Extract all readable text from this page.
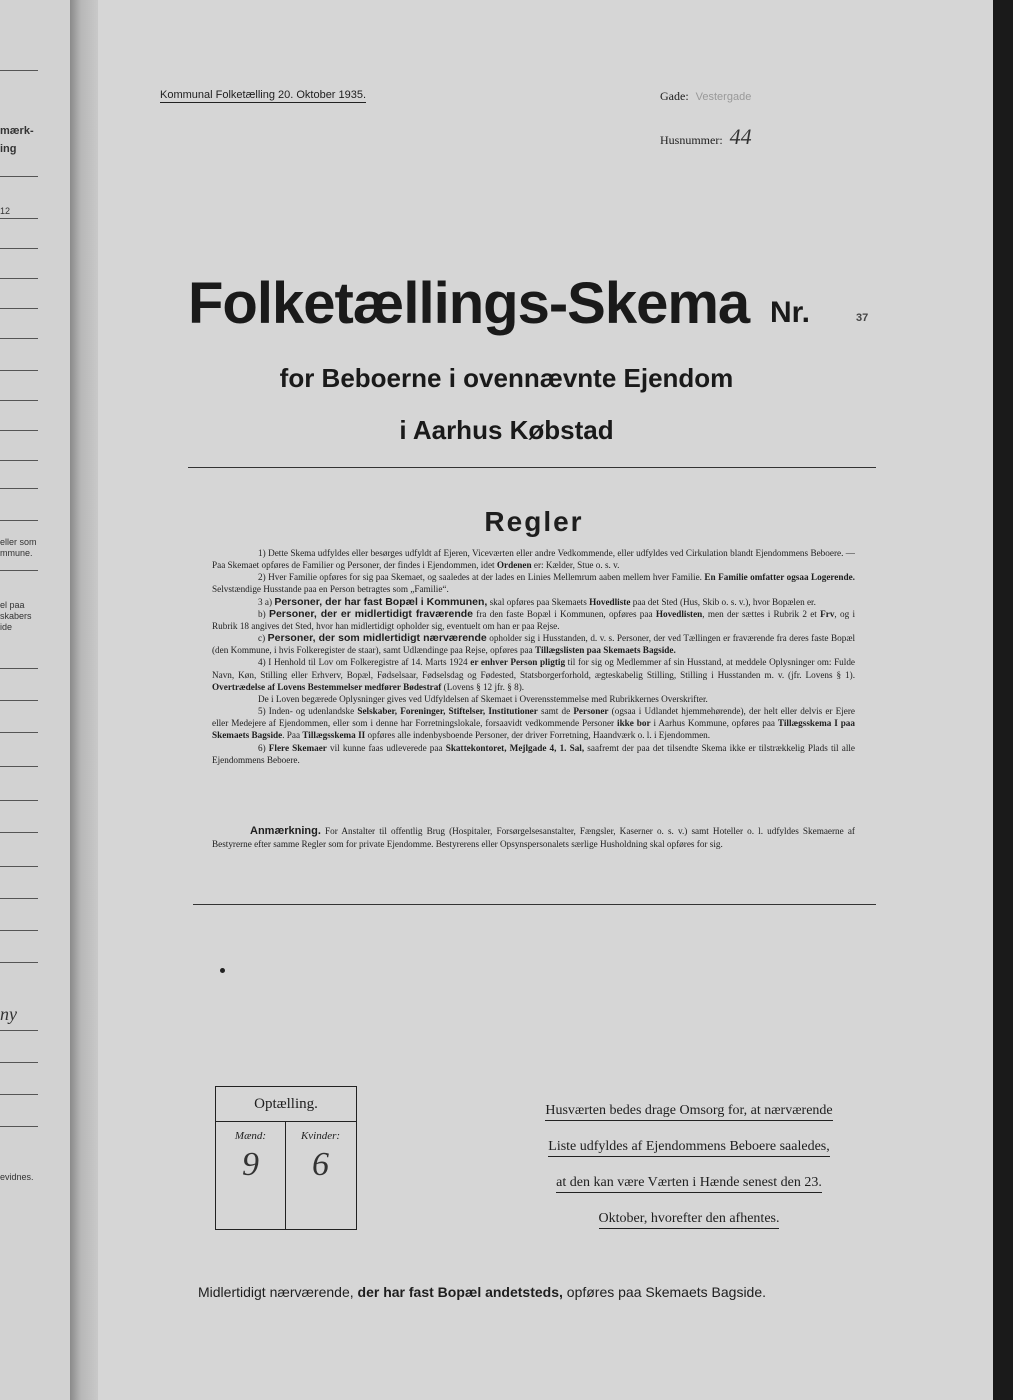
mærk-
ing
12
eller som
mmune.
el paa
skabers
ide
ny
evidnes.
Kommunal Folketælling 20. Oktober 1935.	Gade: Vestergade
Husnummer: 44
Folketællings-Skema Nr.	37
for Beboerne i ovennævnte Ejendom
i Aarhus Købstad
Regler

1) Dette Skema udfyldes eller besørges udfyldt af Ejeren, Viceværten eller andre Vedkommende, eller udfyldes ved Cirkulation blandt Ejendommens Beboere. — Paa Skemaet opføres de Familier og Personer, der findes i Ejendommen, idet Ordenen er: Kælder, Stue o. s. v.

2) Hver Familie opføres for sig paa Skemaet, og saaledes at der lades en Linies Mellemrum aaben mellem hver Familie. En Familie omfatter ogsaa Logerende. Selvstændige Husstande paa en Person betragtes som „Familie“.

3 a) Personer, der har fast Bopæl i Kommunen, skal opføres paa Skemaets Hovedliste paa det Sted (Hus, Skib o. s. v.), hvor Bopælen er.

b) Personer, der er midlertidigt fraværende fra den faste Bopæl i Kommunen, opføres paa Hovedlisten, men der sættes i Rubrik 2 et Frv, og i Rubrik 18 angives det Sted, hvor han midlertidigt opholder sig, eventuelt om han er paa Rejse.

c) Personer, der som midlertidigt nærværende opholder sig i Husstanden, d. v. s. Personer, der ved Tællingen er fraværende fra deres faste Bopæl (den Kommune, i hvis Folkeregister de staar), samt Udlændinge paa Rejse, opføres paa Tillægslisten paa Skemaets Bagside.

4) I Henhold til Lov om Folkeregistre af 14. Marts 1924 er enhver Person pligtig til for sig og Medlemmer af sin Husstand, at meddele Oplysninger om: Fulde Navn, Køn, Stilling eller Erhverv, Bopæl, Fødselsaar, Fødselsdag og Fødested, Statsborgerforhold, ægteskabelig Stilling, Stilling i Husstanden m. v. (jfr. Lovens § 1). Overtrædelse af Lovens Bestemmelser medfører Bødestraf (Lovens § 12 jfr. § 8).

De i Loven begærede Oplysninger gives ved Udfyldelsen af Skemaet i Overensstemmelse med Rubrikkernes Overskrifter.

5) Inden- og udenlandske Selskaber, Foreninger, Stiftelser, Institutioner samt de Personer (ogsaa i Udlandet hjemmehørende), der helt eller delvis er Ejere eller Medejere af Ejendommen, eller som i denne har Forretningslokale, forsaavidt vedkommende Personer ikke bor i Aarhus Kommune, opføres paa Tillægsskema I paa Skemaets Bagside. Paa Tillægsskema II opføres alle indenbysboende Personer, der driver Forretning, Haandværk o. l. i Ejendommen.

6) Flere Skemaer vil kunne faas udleverede paa Skattekontoret, Mejlgade 4, 1. Sal, saafremt der paa det tilsendte Skema ikke er tilstrækkelig Plads til alle Ejendommens Beboere.

Anmærkning. For Anstalter til offentlig Brug (Hospitaler, Forsørgelsesanstalter, Fængsler, Kaserner o. s. v.) samt Hoteller o. l. udfyldes Skemaerne af Bestyrerne efter samme Regler som for private Ejendomme. Bestyrerens eller Opsynspersonalets særlige Husholdning skal opføres for sig.
Optælling.
Mænd:
9
Kvinder:
6
Husværten bedes drage Omsorg for, at nærværende
Liste udfyldes af Ejendommens Beboere saaledes,
at den kan være Værten i Hænde senest den 23.
Oktober, hvorefter den afhentes.
Midlertidigt nærværende, der har fast Bopæl andetsteds, opføres paa Skemaets Bagside.
